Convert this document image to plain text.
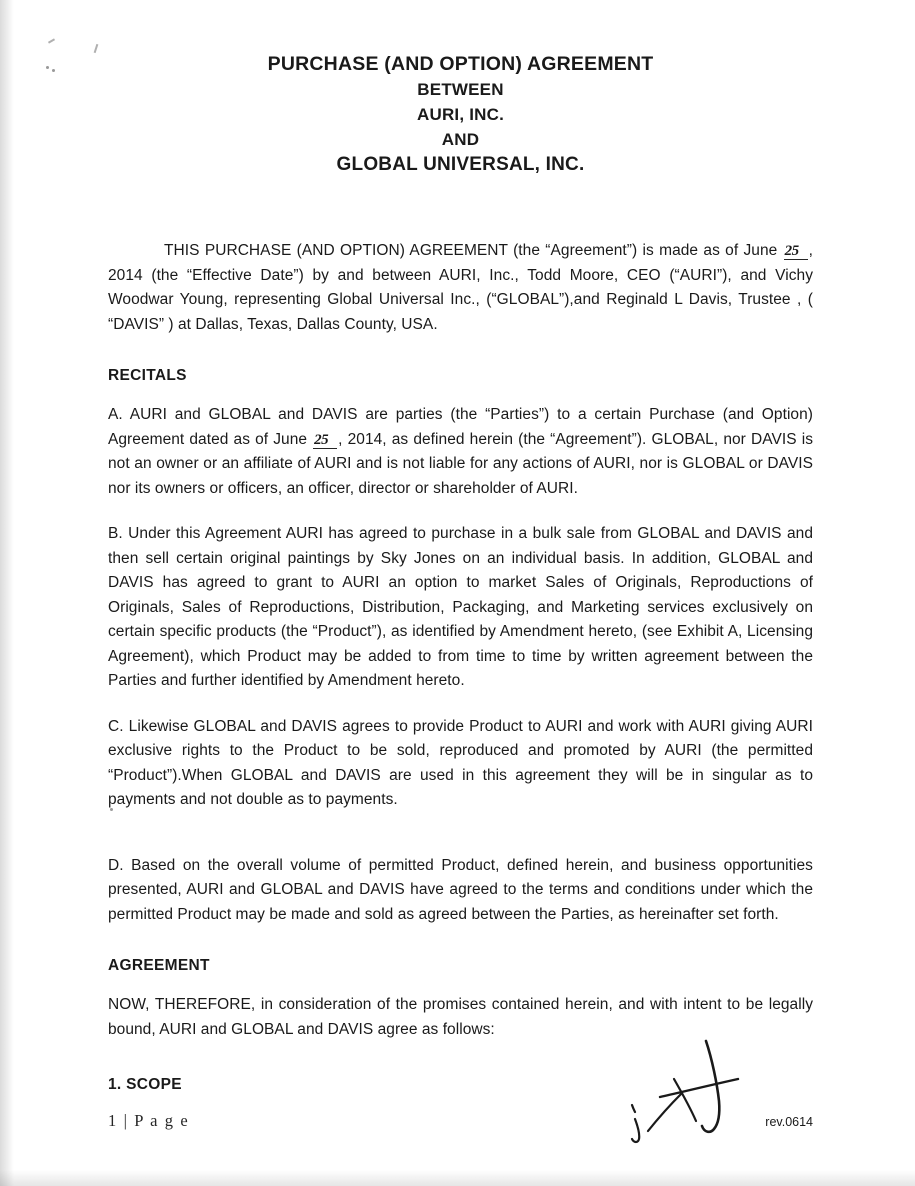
PURCHASE (AND OPTION) AGREEMENT
BETWEEN
AURI, INC.
AND
GLOBAL UNIVERSAL, INC.

THIS PURCHASE (AND OPTION) AGREEMENT (the “Agreement”) is made as of June 25 , 2014 (the “Effective Date”) by and between AURI, Inc., Todd Moore, CEO (“AURI”), and Vichy Woodwar Young, representing Global Universal Inc., (“GLOBAL”),and Reginald L Davis, Trustee , ( “DAVIS” ) at Dallas, Texas, Dallas County, USA.

RECITALS

A. AURI and GLOBAL and DAVIS are parties (the “Parties”) to a certain Purchase (and Option) Agreement dated as of June 25 , 2014, as defined herein (the “Agreement”). GLOBAL, nor DAVIS is not an owner or an affiliate of AURI and is not liable for any actions of AURI, nor is GLOBAL or DAVIS nor its owners or officers, an officer, director or shareholder of AURI.

B. Under this Agreement AURI has agreed to purchase in a bulk sale from GLOBAL and DAVIS and then sell certain original paintings by Sky Jones on an individual basis. In addition, GLOBAL and DAVIS has agreed to grant to AURI an option to market Sales of Originals, Reproductions of Originals, Sales of Reproductions, Distribution, Packaging, and Marketing services exclusively on certain specific products (the “Product”), as identified by Amendment hereto, (see Exhibit A, Licensing Agreement), which Product may be added to from time to time by written agreement between the Parties and further identified by Amendment hereto.

C. Likewise GLOBAL and DAVIS agrees to provide Product to AURI and work with AURI giving AURI exclusive rights to the Product to be sold, reproduced and promoted by AURI (the permitted “Product”).When GLOBAL and DAVIS are used in this agreement they will be in singular as to payments and not double as to payments.

D. Based on the overall volume of permitted Product, defined herein, and business opportunities presented, AURI and GLOBAL and DAVIS have agreed to the terms and conditions under which the permitted Product may be made and sold as agreed between the Parties, as hereinafter set forth.

AGREEMENT

NOW, THEREFORE, in consideration of the promises contained herein, and with intent to be legally bound, AURI and GLOBAL and DAVIS agree as follows:

1. SCOPE
1 | P a g e	rev.0614
